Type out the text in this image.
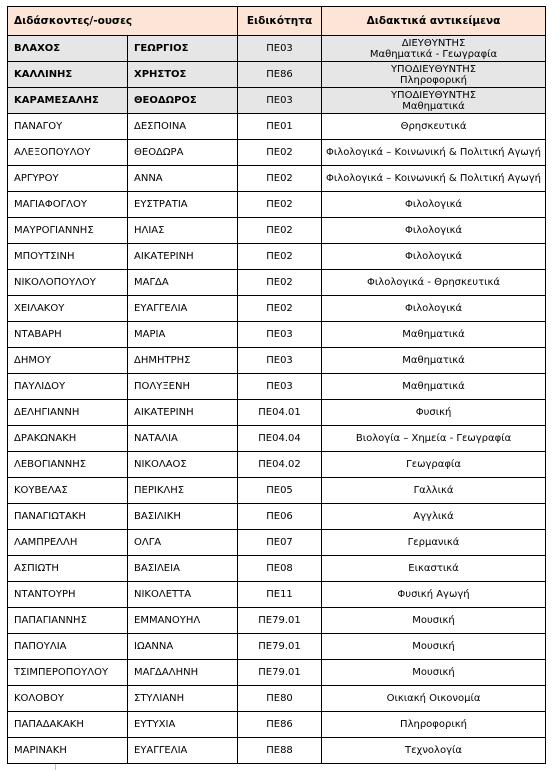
Διδάσκοντες/-ουσες		Ειδικότητα	Διδακτικά αντικείμενα
ΒΛΑΧΟΣ	ΓΕΩΡΓΙΟΣ	ΠΕ03	ΔΙΕΥΘΥΝΤΗΣ
Μαθηματικά - Γεωγραφία

ΚΑΛΛΙΝΗΣ	ΧΡΗΣΤΟΣ	ΠΕ86	ΥΠΟΔΙΕΥΘΥΝΤΗΣ
Πληροφορική

ΚΑΡΑΜΕΣΑΛΗΣ	ΘΕΟΔΩΡΟΣ	ΠΕ03	ΥΠΟΔΙΕΥΘΥΝΤΗΣ
Μαθηματικά

ΠΑΝΑΓΟΥ	ΔΕΣΠΟΙΝΑ	ΠΕ01	Θρησκευτικά
ΑΛΕΞΟΠΟΥΛΟΥ	ΘΕΟΔΩΡΑ	ΠΕ02	Φιλολογικά – Κοινωνική & Πολιτική Αγωγή
ΑΡΓΥΡΟΥ	ΑΝΝΑ	ΠΕ02	Φιλολογικά – Κοινωνική & Πολιτική Αγωγή
ΜΑΓΙΑΦΟΓΛΟΥ	ΕΥΣΤΡΑΤΙΑ	ΠΕ02	Φιλολογικά
ΜΑΥΡΟΓΙΑΝΝΗΣ	ΗΛΙΑΣ	ΠΕ02	Φιλολογικά
ΜΠΟΥΤΣΙΝΗ	ΑΙΚΑΤΕΡΙΝΗ	ΠΕ02	Φιλολογικά
ΝΙΚΟΛΟΠΟΥΛΟΥ	ΜΑΓΔΑ	ΠΕ02	Φιλολογικά - Θρησκευτικά
ΧΕΙΛΑΚΟΥ	ΕΥΑΓΓΕΛΙΑ	ΠΕ02	Φιλολογικά
ΝΤΑΒΑΡΗ	ΜΑΡΙΑ	ΠΕ03	Μαθηματικά
ΔΗΜΟΥ	ΔΗΜΗΤΡΗΣ	ΠΕ03	Μαθηματικά
ΠΑΥΛΙΔΟΥ	ΠΟΛΥΞΕΝΗ	ΠΕ03	Μαθηματικά
ΔΕΛΗΓΙΑΝΝΗ	ΑΙΚΑΤΕΡΙΝΗ	ΠΕ04.01	Φυσική
ΔΡΑΚΩΝΑΚΗ	ΝΑΤΑΛΙΑ	ΠΕ04.04	Βιολογία – Χημεία - Γεωγραφία
ΛΕΒΟΓΙΑΝΝΗΣ	ΝΙΚΟΛΑΟΣ	ΠΕ04.02	Γεωγραφία
ΚΟΥΒΕΛΑΣ	ΠΕΡΙΚΛΗΣ	ΠΕ05	Γαλλικά
ΠΑΝΑΓΙΩΤΑΚΗ	ΒΑΣΙΛΙΚΗ	ΠΕ06	Αγγλικά
ΛΑΜΠΡΕΛΛΗ	ΟΛΓΑ	ΠΕ07	Γερμανικά
ΑΣΠΙΩΤΗ	ΒΑΣΙΛΕΙΑ	ΠΕ08	Εικαστικά
ΝΤΑΝΤΟΥΡΗ	ΝΙΚΟΛΕΤΤΑ	ΠΕ11	Φυσική Αγωγή
ΠΑΠΑΓΙΑΝΝΗΣ	ΕΜΜΑΝΟΥΗΛ	ΠΕ79.01	Μουσική
ΠΑΠΟΥΛΙΑ	ΙΩΑΝΝΑ	ΠΕ79.01	Μουσική
ΤΣΙΜΠΕΡΟΠΟΥΛΟΥ	ΜΑΓΔΑΛΗΝΗ	ΠΕ79.01	Μουσική
ΚΟΛΟΒΟΥ	ΣΤΥΛΙΑΝΗ	ΠΕ80	Οικιακή Οικονομία
ΠΑΠΑΔΑΚΑΚΗ	ΕΥΤΥΧΙΑ	ΠΕ86	Πληροφορική
ΜΑΡΙΝΑΚΗ	ΕΥΑΓΓΕΛΙΑ	ΠΕ88	Τεχνολογία
